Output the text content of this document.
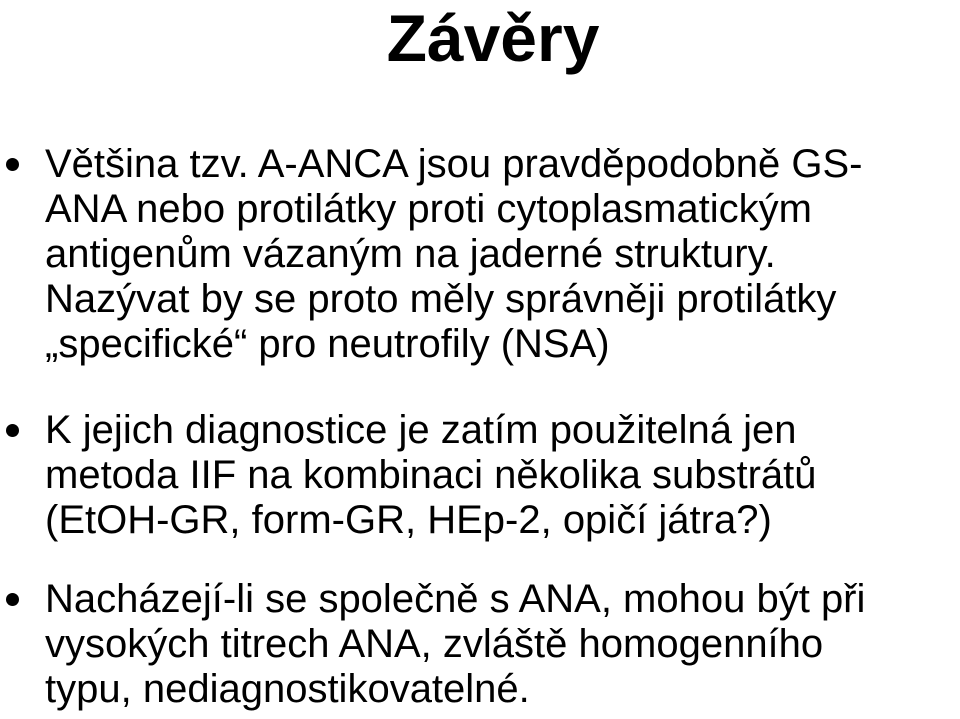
Závěry
Většina tzv. A-ANCA jsou pravděpodobně GS-
ANA nebo protilátky proti cytoplasmatickým
antigenům vázaným na jaderné struktury.
Nazývat by se proto měly správněji protilátky
„specifické“ pro neutrofily (NSA)
K jejich diagnostice je zatím použitelná jen
metoda IIF na kombinaci několika substrátů
(EtOH-GR, form-GR, HEp-2, opičí játra?)
Nacházejí-li se společně s ANA, mohou být při
vysokých titrech ANA, zvláště homogenního
typu, nediagnostikovatelné.
